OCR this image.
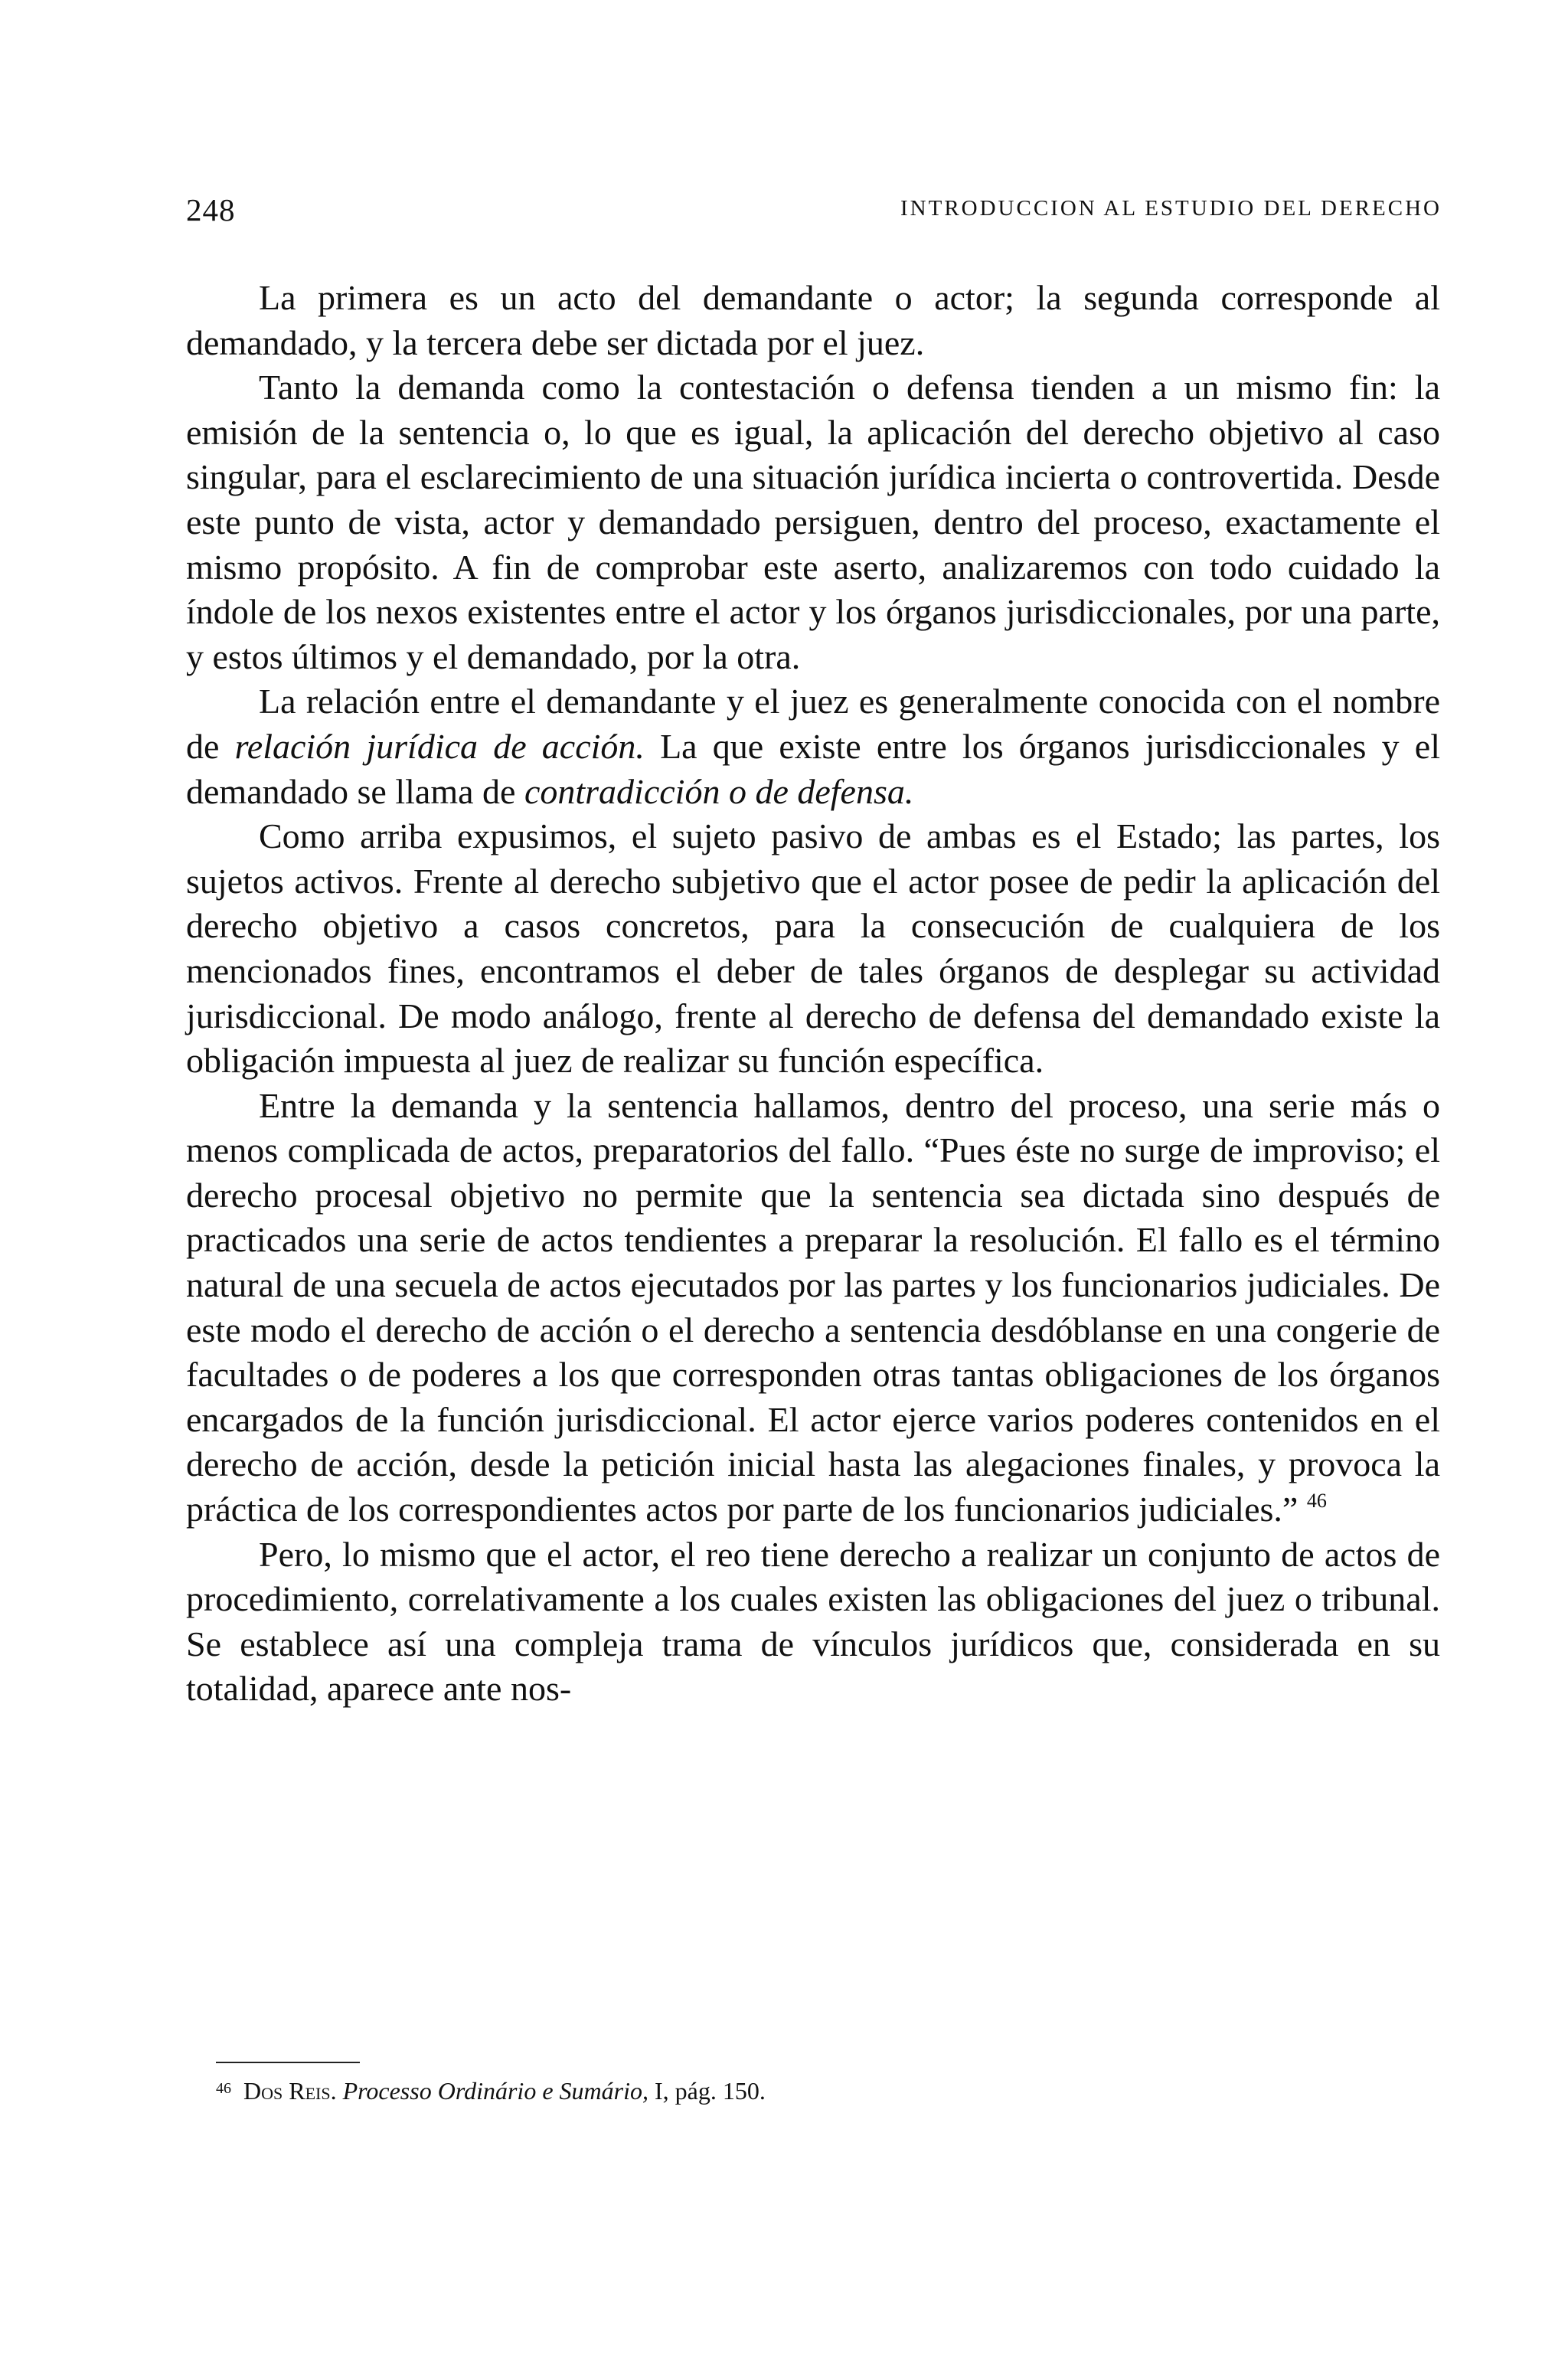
248	INTRODUCCION AL ESTUDIO DEL DERECHO

La primera es un acto del demandante o actor; la segunda corresponde al demandado, y la tercera debe ser dictada por el juez.

Tanto la demanda como la contestación o defensa tienden a un mismo fin: la emisión de la sentencia o, lo que es igual, la aplicación del derecho objetivo al caso singular, para el esclarecimiento de una situación jurídica incierta o controvertida. Desde este punto de vista, actor y demandado persiguen, dentro del proceso, exactamente el mismo propósito. A fin de comprobar este aserto, analizaremos con todo cuidado la índole de los nexos existentes entre el actor y los órganos jurisdiccionales, por una parte, y estos últimos y el demandado, por la otra.

La relación entre el demandante y el juez es generalmente conocida con el nombre de relación jurídica de acción. La que existe entre los órganos jurisdiccionales y el demandado se llama de contradicción o de defensa.

Como arriba expusimos, el sujeto pasivo de ambas es el Estado; las partes, los sujetos activos. Frente al derecho subjetivo que el actor posee de pedir la aplicación del derecho objetivo a casos concretos, para la consecución de cualquiera de los mencionados fines, encontramos el deber de tales órganos de desplegar su actividad jurisdiccional. De modo análogo, frente al derecho de defensa del demandado existe la obligación impuesta al juez de realizar su función específica.

Entre la demanda y la sentencia hallamos, dentro del proceso, una serie más o menos complicada de actos, preparatorios del fallo. “Pues éste no surge de improviso; el derecho procesal objetivo no permite que la sentencia sea dictada sino después de practicados una serie de actos tendientes a preparar la resolución. El fallo es el término natural de una secuela de actos ejecutados por las partes y los funcionarios judiciales. De este modo el derecho de acción o el derecho a sentencia desdóblanse en una congerie de facultades o de poderes a los que corresponden otras tantas obligaciones de los órganos encargados de la función jurisdiccional. El actor ejerce varios poderes contenidos en el derecho de acción, desde la petición inicial hasta las alegaciones finales, y provoca la práctica de los correspondientes actos por parte de los funcionarios judiciales.” $^{46}$

Pero, lo mismo que el actor, el reo tiene derecho a realizar un conjunto de actos de procedimiento, correlativamente a los cuales existen las obligaciones del juez o tribunal. Se establece así una compleja trama de vínculos jurídicos que, considerada en su totalidad, aparece ante nos-

$^{46}$ Dos Reis. Processo Ordinário e Sumário, I, pág. 150.
